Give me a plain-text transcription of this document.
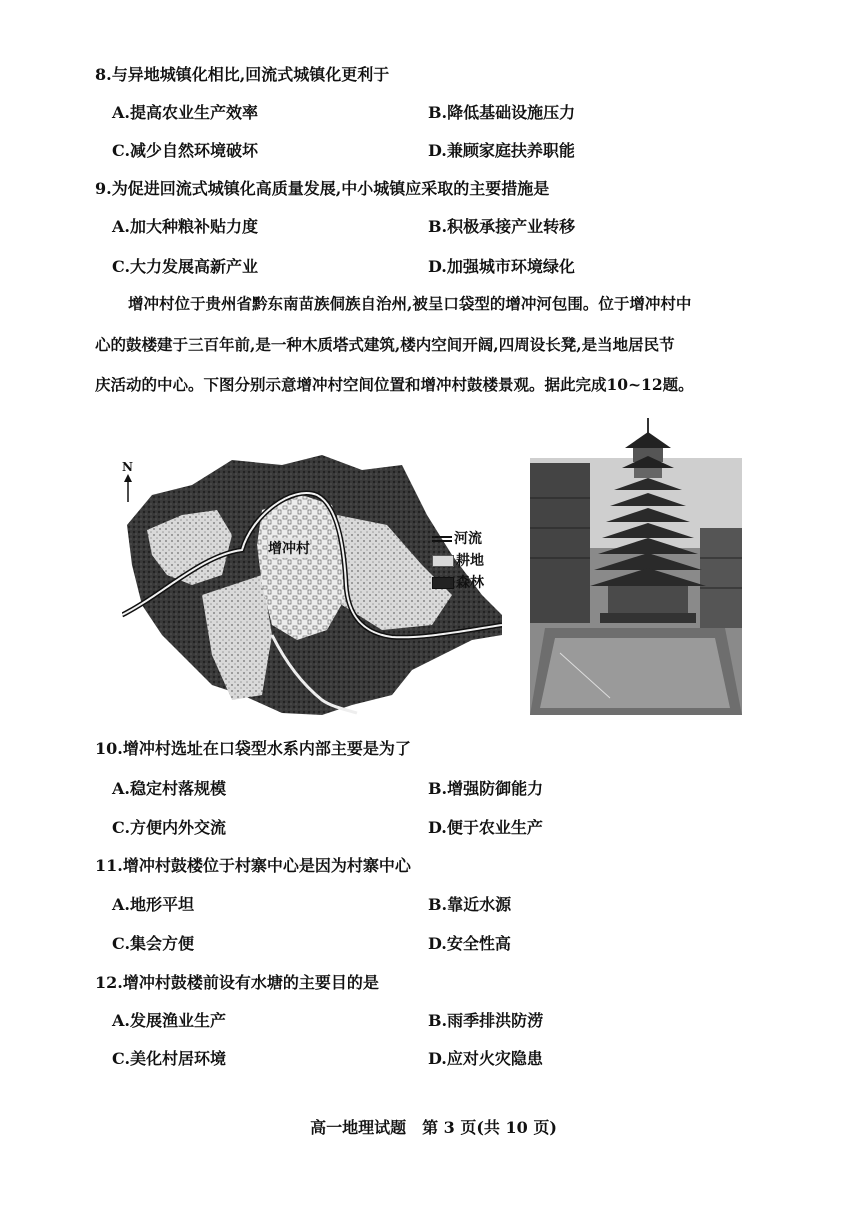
8.与异地城镇化相比,回流式城镇化更利于
A.提高农业生产效率	B.降低基础设施压力
C.减少自然环境破坏	D.兼顾家庭扶养职能
9.为促进回流式城镇化高质量发展,中小城镇应采取的主要措施是
A.加大种粮补贴力度	B.积极承接产业转移
C.大力发展高新产业	D.加强城市环境绿化
增冲村位于贵州省黔东南苗族侗族自治州,被呈口袋型的增冲河包围。位于增冲村中
心的鼓楼建于三百年前,是一种木质塔式建筑,楼内空间开阔,四周设长凳,是当地居民节
庆活动的中心。下图分别示意增冲村空间位置和增冲村鼓楼景观。据此完成10~12题。
N
增冲村
河流
耕地
森林
10.增冲村选址在口袋型水系内部主要是为了
A.稳定村落规模	B.增强防御能力
C.方便内外交流	D.便于农业生产
11.增冲村鼓楼位于村寨中心是因为村寨中心
A.地形平坦	B.靠近水源
C.集会方便	D.安全性高
12.增冲村鼓楼前设有水塘的主要目的是
A.发展渔业生产	B.雨季排洪防涝
C.美化村居环境	D.应对火灾隐患
高一地理试题　第 3 页(共 10 页)
